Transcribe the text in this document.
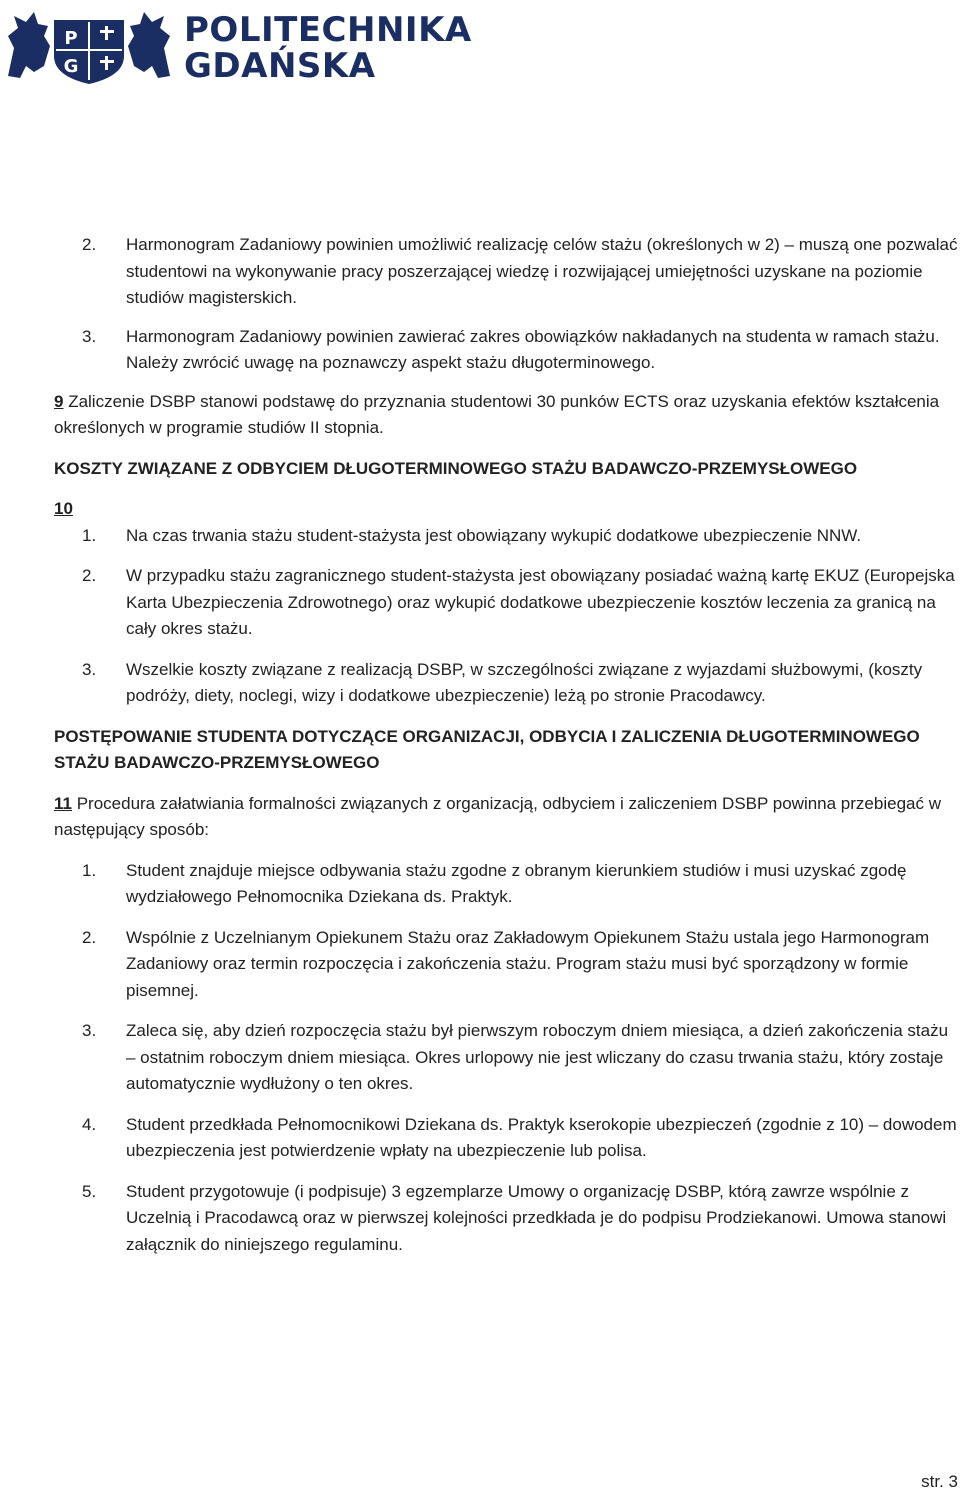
P
G
POLITECHNIKA
GDAŃSKA
2.	Harmonogram Zadaniowy powinien umożliwić realizację celów stażu (określonych w 2) – muszą one pozwalać studentowi na wykonywanie pracy poszerzającej wiedzę i rozwijającej umiejętności uzyskane na poziomie studiów magisterskich.
3.	Harmonogram Zadaniowy powinien zawierać zakres obowiązków nakładanych na studenta w ramach stażu. Należy zwrócić uwagę na poznawczy aspekt stażu długoterminowego.

9 Zaliczenie DSBP stanowi podstawę do przyznania studentowi 30 punków ECTS oraz uzyskania efektów kształcenia określonych w programie studiów II stopnia.

KOSZTY ZWIĄZANE Z ODBYCIEM DŁUGOTERMINOWEGO STAŻU BADAWCZO-PRZEMYSŁOWEGO

10
1.	Na czas trwania stażu student-stażysta jest obowiązany wykupić dodatkowe ubezpieczenie NNW.
2.	W przypadku stażu zagranicznego student-stażysta jest obowiązany posiadać ważną kartę EKUZ (Europejska Karta Ubezpieczenia Zdrowotnego) oraz wykupić dodatkowe ubezpieczenie kosztów leczenia za granicą na cały okres stażu.
3.	Wszelkie koszty związane z realizacją DSBP, w szczególności związane z wyjazdami służbowymi, (koszty podróży, diety, noclegi, wizy i dodatkowe ubezpieczenie) leżą po stronie Pracodawcy.

POSTĘPOWANIE STUDENTA DOTYCZĄCE ORGANIZACJI, ODBYCIA I ZALICZENIA DŁUGOTERMINOWEGO STAŻU BADAWCZO-PRZEMYSŁOWEGO

11 Procedura załatwiania formalności związanych z organizacją, odbyciem i zaliczeniem DSBP powinna przebiegać w następujący sposób:

1.	Student znajduje miejsce odbywania stażu zgodne z obranym kierunkiem studiów i musi uzyskać zgodę wydziałowego Pełnomocnika Dziekana ds. Praktyk.
2.	Wspólnie z Uczelnianym Opiekunem Stażu oraz Zakładowym Opiekunem Stażu ustala jego Harmonogram Zadaniowy oraz termin rozpoczęcia i zakończenia stażu. Program stażu musi być sporządzony w formie pisemnej.
3.	Zaleca się, aby dzień rozpoczęcia stażu był pierwszym roboczym dniem miesiąca, a dzień zakończenia stażu – ostatnim roboczym dniem miesiąca. Okres urlopowy nie jest wliczany do czasu trwania stażu, który zostaje automatycznie wydłużony o ten okres.
4.	Student przedkłada Pełnomocnikowi Dziekana ds. Praktyk kserokopie ubezpieczeń (zgodnie z 10) – dowodem ubezpieczenia jest potwierdzenie wpłaty na ubezpieczenie lub polisa.
5.	Student przygotowuje (i podpisuje) 3 egzemplarze Umowy o organizację DSBP, którą zawrze wspólnie z Uczelnią i Pracodawcą oraz w pierwszej kolejności przedkłada je do podpisu Prodziekanowi. Umowa stanowi załącznik do niniejszego regulaminu.
str. 3
